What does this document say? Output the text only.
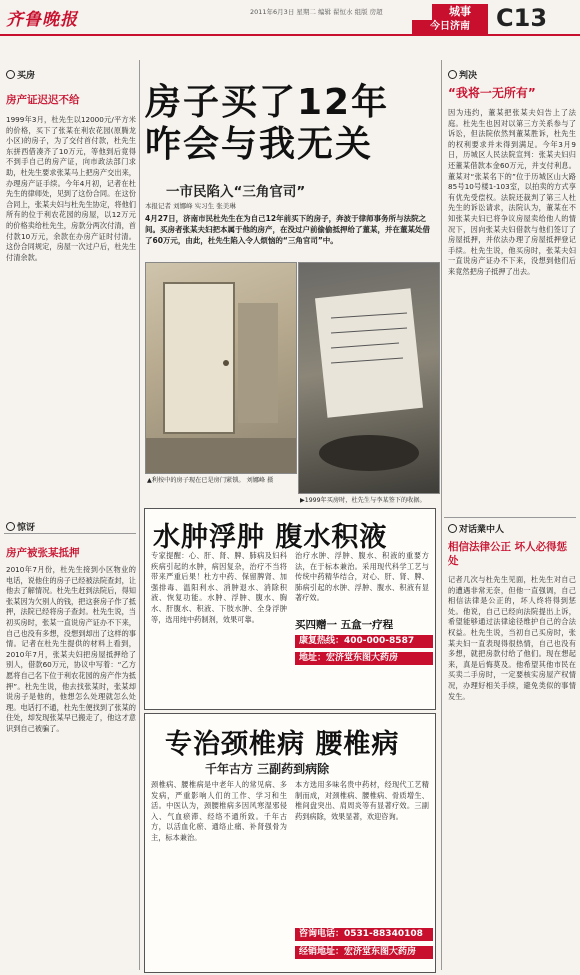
齐鲁晚报	2011年6月3日 星期二 编辑 翟恒水 组版 房超	城事
今日济南	C13
买房
房产证迟迟不给
1999年3月，杜先生以12000元/平方米的价格，买下了张某在利农花园(原腾龙小区)的房子，为了交付首付款，杜先生东拼西借凑齐了10万元，等他到后竟得不到手自己的房产证，向市政法部门求助，杜先生要求张某马上把房产交出来，办理房产证手续。今年4月初，记者在杜先生的律师处，见到了这份合同。在这份合同上，张某夫妇与杜先生协定，将他们所有的位于利农花园的房屋，以12万元的价格卖给杜先生，房款分两次付清，首付款10万元，余款在办房产证时付清。这份合同规定，房屋一次过户后，杜先生付清余款。
惊讶
房产被张某抵押
2010年7月份，杜先生接到小区物业的电话，说他住的房子已经被法院查封，让他去了解情况。杜先生赶到法院后，得知张某因为欠别人的钱，把这套房子作了抵押，法院已经将房子查封。杜先生说，当初买房时，张某一直说房产证办不下来，自己也没有多想，没想到却出了这样的事情。记者在杜先生提供的材料上看到，2010年7月，张某夫妇把房屋抵押给了别人，借款60万元，协议中写着：“乙方愿将自己名下位于利农花园的房产作为抵押”。杜先生说，他去找张某时，张某却说房子是他的，他想怎么处理就怎么处理。电话打不通，杜先生便找到了张某的住处，却发现张某早已搬走了，他这才意识到自己被骗了。
房子买了12年
咋会与我无关
一市民陷入“三角官司”
本报记者 刘娜峰 实习生 张美琳
4月27日，济南市民杜先生在为自己12年前买下的房子，奔波于律师事务所与法院之间。买房者张某夫妇把本属于他的房产，在没过户前偷偷抵押给了董某，并在董某处借了60万元，由此，杜先生陷入令人烦恼的“三角官司”中。
▲利按中的房子现在已是房门紧锁。 刘娜峰 摄
▶1999年买房时，杜先生与李某签下的收据。
水肿浮肿 腹水积液
专家提醒：心、肝、肾、脾、肺病及妇科疾病引起的水肿，病因复杂，治疗不当将带来严重后果！杜方中药、保留脾肾、加强排毒、温阳利水、消肿退水、消除积液、恢复功能。水肿、浮肿、腹水、胸水、肝腹水、积液、下肢水肿、全身浮肿等，选用纯中药制剂，效果可靠。
治疗水肿、浮肿、腹水、积液的重要方法，在于标本兼治。采用现代科学工艺与传统中药精华结合，对心、肝、肾、脾、肺病引起的水肿、浮肿、腹水、积液有显著疗效。
买四赠一 五盒一疗程
康复热线：400-000-8587
地址：宏济堂东图大药房
专治颈椎病 腰椎病
千年古方 三副药到病除
颈椎病、腰椎病是中老年人的常见病、多发病，严重影响人们的工作、学习和生活。中医认为，颈腰椎病多因风寒湿邪侵入、气血瘀滞、经络不通所致。千年古方，以活血化瘀、通络止痛、补肾强骨为主，标本兼治。
本方选用多味名贵中药材，经现代工艺精制而成，对颈椎病、腰椎病、骨质增生、椎间盘突出、肩周炎等有显著疗效。三副药到病除，效果显著，欢迎咨询。
咨询电话：0531-88340108
经销地址：宏济堂东图大药房
判决
“我将一无所有”
因为违约，董某把张某夫妇告上了法庭。杜先生也因对以第三方关系参与了诉讼，但法院依然判董某胜诉，杜先生的权利要求并未得到满足。今年3月9日，历城区人民法院宣判：张某夫妇归还董某借款本金60万元，并支付利息。董某对“张某名下的”位于历城区山大路85号10号楼1-103室，以拍卖的方式享有优先受偿权。法院还裁判了第三人杜先生的诉讼请求，法院认为，董某在不知张某夫妇已将争议房屋卖给他人的情况下，因向张某夫妇借款与他们签订了房屋抵押，并依法办理了房屋抵押登记手续。杜先生说，他买房时，张某夫妇一直说房产证办不下来，没想到他们后来竟然把房子抵押了出去。
对话業中人
相信法律公正 坏人必得惩处
记者几次与杜先生见面，杜先生对自己的遭遇非常无奈，但他一直强调，自己相信法律是公正的，坏人终将得到惩处。他说，自己已经向法院提出上诉，希望能够通过法律途径维护自己的合法权益。杜先生说，当初自己买房时，张某夫妇一直表现得很热情，自己也没有多想，就把房款付给了他们。现在想起来，真是后悔莫及。他希望其他市民在买卖二手房时，一定要核实房屋产权情况，办理好相关手续，避免类似的事情发生。
